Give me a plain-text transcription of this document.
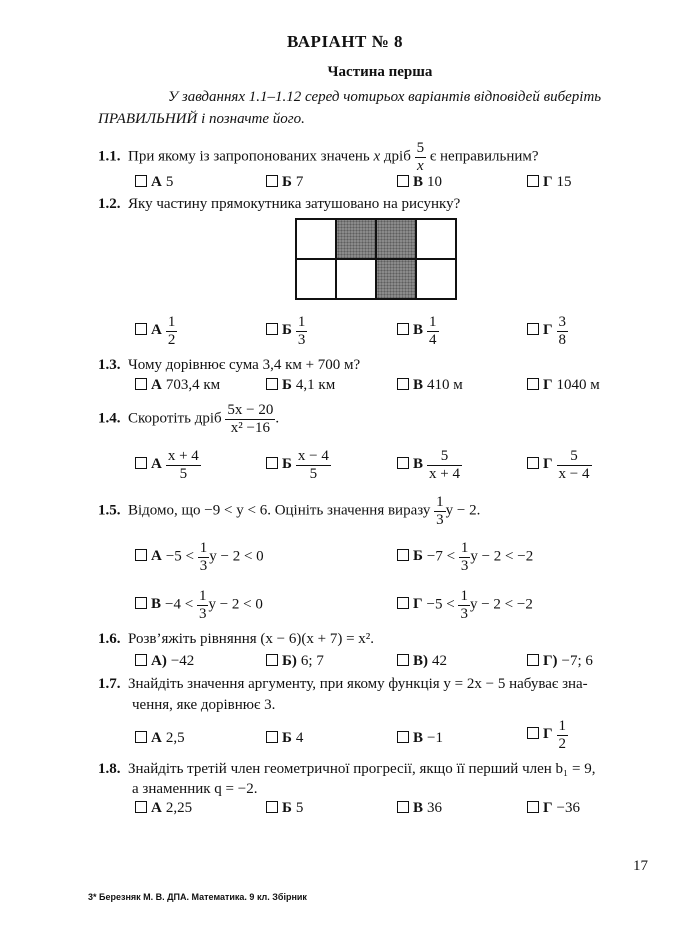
ВАРІАНТ № 8
Частина перша
У завданнях 1.1–1.12 серед чотирьох варіантів відповідей виберіть ПРАВИЛЬНИЙ і позначте його.
1.1. При якому із запропонованих значень x дріб $\frac{5}{x}$ є неправильним?
А 5	Б 7	В 10	Г 15
1.2. Яку частину прямокутника затушовано на рисунку?

А $\frac{1}{2}$	Б $\frac{1}{3}$	В $\frac{1}{4}$	Г $\frac{3}{8}$
1.3. Чому дорівнює сума 3,4 км + 700 м?
А 703,4 км	Б 4,1 км	В 410 м	Г 1040 м
1.4. Скоротіть дріб $\frac{5x - 20}{\text{x² −16}}$ .
А $\frac{x + 4}{5}$	Б $\frac{x - 4}{5}$	В $\frac{5}{x + 4}$	Г $\frac{5}{x - 4}$
1.5. Відомо, що −9 < y < 6. Оцініть значення виразу $\frac{1}{3}$ y − 2.
$А -5 < \frac{1}{3}$ y − 2 < 0	$Б -7 < \frac{1}{3}$ y − 2 < −2
$В -4 < \frac{1}{3}$ y − 2 < 0	$Г -5 < \frac{1}{3}$ y − 2 < −2
1.6. Розв’яжіть рівняння (x − 6)(x + 7) = x².
А) −42	Б) 6; 7	В) 42	Г) −7; 6
1.7. Знайдіть значення аргументу, при якому функція y = 2x − 5 набуває зна-
чення, яке дорівнює 3.
А 2,5	Б 4	В −1	Г $\frac{1}{2}$
1.8. Знайдіть третій член геометричної прогресії, якщо її перший член b₁ = 9,
а знаменник q = −2.
А 2,25	Б 5	В 36	Г −36
17
3* Березняк М. В. ДПА. Математика. 9 кл. Збірник
